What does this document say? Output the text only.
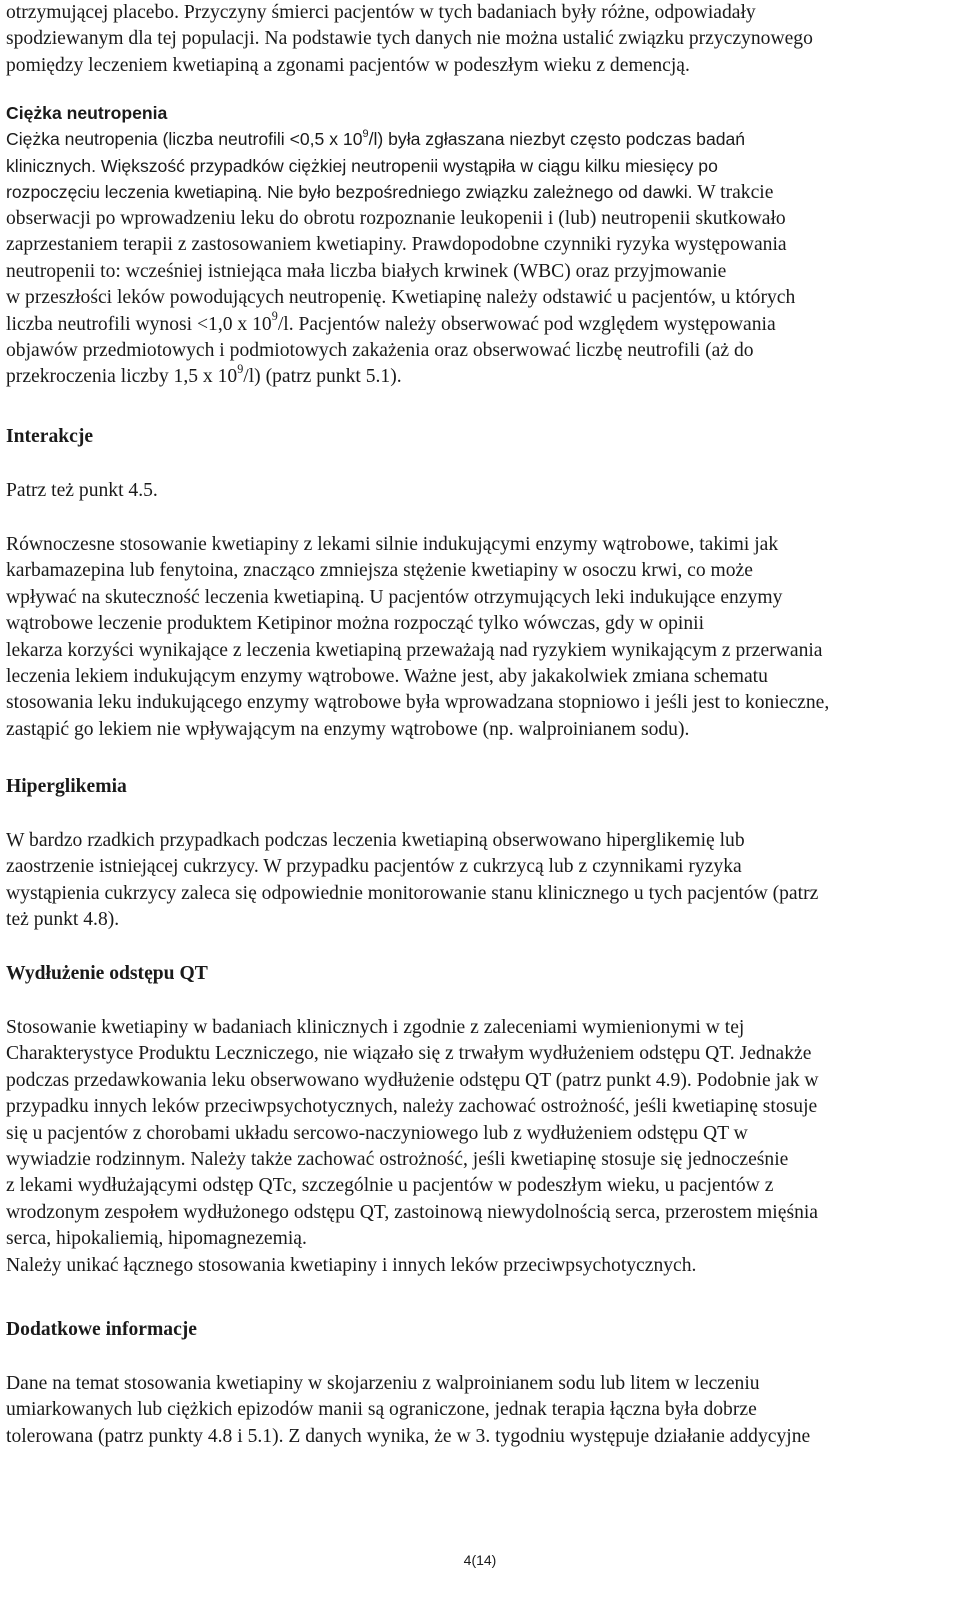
otrzymującej placebo. Przyczyny śmierci pacjentów w tych badaniach były różne, odpowiadały
spodziewanym dla tej populacji. Na podstawie tych danych nie można ustalić związku przyczynowego
pomiędzy leczeniem kwetiapiną a zgonami pacjentów w podeszłym wieku z demencją.
Ciężka neutropenia
Ciężka neutropenia (liczba neutrofili <0,5 x $10^9/l$) była zgłaszana niezbyt często podczas badań
klinicznych. Większość przypadków ciężkiej neutropenii wystąpiła w ciągu kilku miesięcy po
rozpoczęciu leczenia kwetiapiną. Nie było bezpośredniego związku zależnego od dawki. W trakcie
obserwacji po wprowadzeniu leku do obrotu rozpoznanie leukopenii i (lub) neutropenii skutkowało
zaprzestaniem terapii z zastosowaniem kwetiapiny. Prawdopodobne czynniki ryzyka występowania
neutropenii to: wcześniej istniejąca mała liczba białych krwinek (WBC) oraz przyjmowanie
w przeszłości leków powodujących neutropenię. Kwetiapinę należy odstawić u pacjentów, u których
liczba neutrofili wynosi <1,0 x $10^9/l$. Pacjentów należy obserwować pod względem występowania
objawów przedmiotowych i podmiotowych zakażenia oraz obserwować liczbę neutrofili (aż do
przekroczenia liczby 1,5 x $10^9/l$) (patrz punkt 5.1).
Interakcje
Patrz też punkt 4.5.
Równoczesne stosowanie kwetiapiny z lekami silnie indukującymi enzymy wątrobowe, takimi jak
karbamazepina lub fenytoina, znacząco zmniejsza stężenie kwetiapiny w osoczu krwi, co może
wpływać na skuteczność leczenia kwetiapiną. U pacjentów otrzymujących leki indukujące enzymy
wątrobowe leczenie produktem Ketipinor można rozpocząć tylko wówczas, gdy w opinii
lekarza korzyści wynikające z leczenia kwetiapiną przeważają nad ryzykiem wynikającym z przerwania
leczenia lekiem indukującym enzymy wątrobowe. Ważne jest, aby jakakolwiek zmiana schematu
stosowania leku indukującego enzymy wątrobowe była wprowadzana stopniowo i jeśli jest to konieczne,
zastąpić go lekiem nie wpływającym na enzymy wątrobowe (np. walproinianem sodu).
Hiperglikemia
W bardzo rzadkich przypadkach podczas leczenia kwetiapiną obserwowano hiperglikemię lub
zaostrzenie istniejącej cukrzycy. W przypadku pacjentów z cukrzycą lub z czynnikami ryzyka
wystąpienia cukrzycy zaleca się odpowiednie monitorowanie stanu klinicznego u tych pacjentów (patrz
też punkt 4.8).
Wydłużenie odstępu QT
Stosowanie kwetiapiny w badaniach klinicznych i zgodnie z zaleceniami wymienionymi w tej
Charakterystyce Produktu Leczniczego, nie wiązało się z trwałym wydłużeniem odstępu QT. Jednakże
podczas przedawkowania leku obserwowano wydłużenie odstępu QT (patrz punkt 4.9). Podobnie jak w
przypadku innych leków przeciwpsychotycznych, należy zachować ostrożność, jeśli kwetiapinę stosuje
się u pacjentów z chorobami układu sercowo-naczyniowego lub z wydłużeniem odstępu QT w
wywiadzie rodzinnym. Należy także zachować ostrożność, jeśli kwetiapinę stosuje się jednocześnie
z lekami wydłużającymi odstęp QTc, szczególnie u pacjentów w podeszłym wieku, u pacjentów z
wrodzonym zespołem wydłużonego odstępu QT, zastoinową niewydolnością serca, przerostem mięśnia
serca, hipokaliemią, hipomagnezemią.
Należy unikać łącznego stosowania kwetiapiny i innych leków przeciwpsychotycznych.
Dodatkowe informacje
Dane na temat stosowania kwetiapiny w skojarzeniu z walproinianem sodu lub litem w leczeniu
umiarkowanych lub ciężkich epizodów manii są ograniczone, jednak terapia łączna była dobrze
tolerowana (patrz punkty 4.8 i 5.1). Z danych wynika, że w 3. tygodniu występuje działanie addycyjne
4(14)
